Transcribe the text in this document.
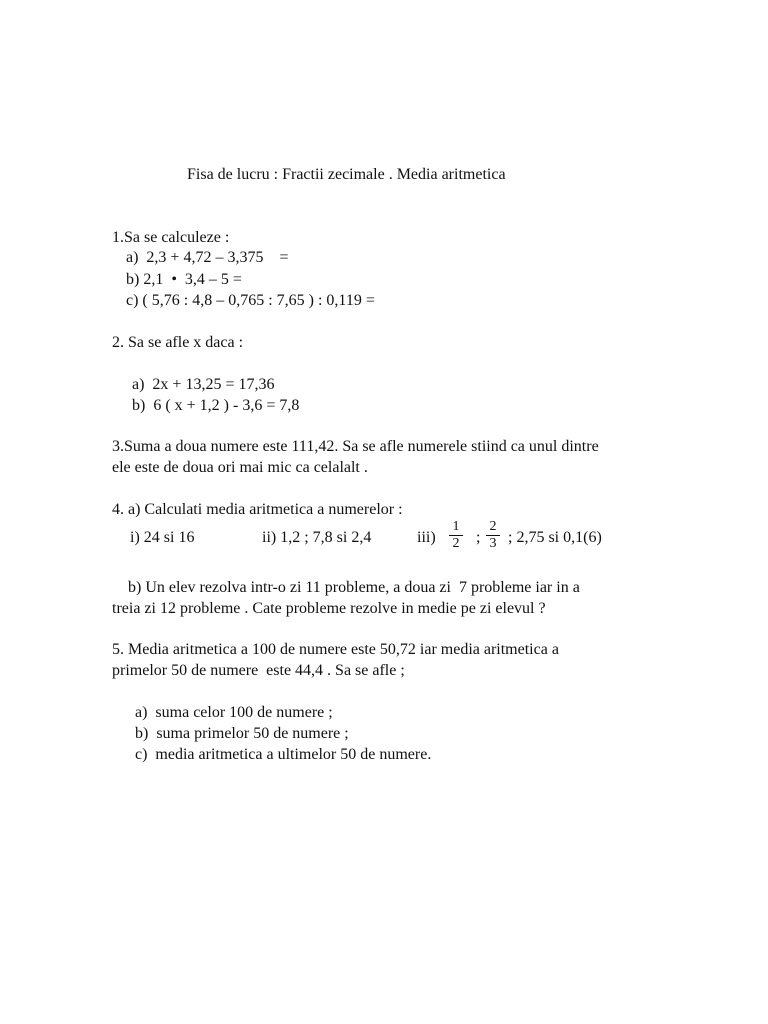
Fisa de lucru : Fractii zecimale . Media aritmetica
1.Sa se calculeze :
a)  2,3 + 4,72 – 3,375    =
b) 2,1  •  3,4 – 5 =
c) ( 5,76 : 4,8 – 0,765 : 7,65 ) : 0,119 =
2. Sa se afle x daca :
a)  2x + 13,25 = 17,36
b)  6 ( x + 1,2 ) - 3,6 = 7,8
3.Suma a doua numere este 111,42. Sa se afle numerele stiind ca unul dintre
ele este de doua ori mai mic ca celalalt .
4. a) Calculati media aritmetica a numerelor :
i) 24 si 16	ii) 1,2 ; 7,8 si 2,4	iii)
1
2 ;
2
3 ; 2,75 si 0,1(6)
b) Un elev rezolva intr-o zi 11 probleme, a doua zi  7 probleme iar in a
treia zi 12 probleme . Cate probleme rezolve in medie pe zi elevul ?
5. Media aritmetica a 100 de numere este 50,72 iar media aritmetica a
primelor 50 de numere  este 44,4 . Sa se afle ;
a)  suma celor 100 de numere ;
b)  suma primelor 50 de numere ;
c)  media aritmetica a ultimelor 50 de numere.
